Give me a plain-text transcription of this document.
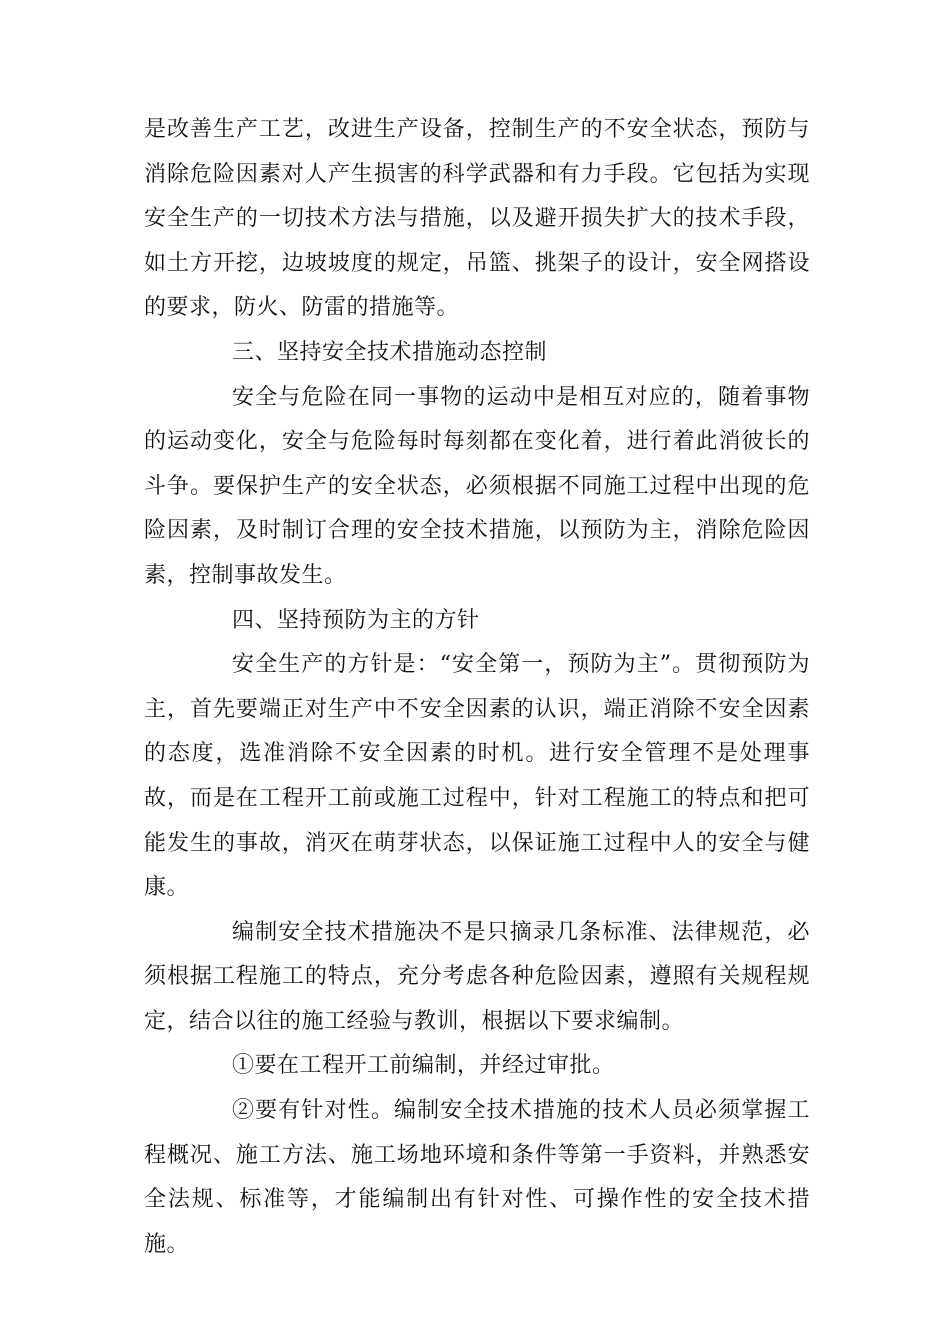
是改善生产工艺，改进生产设备，控制生产的不安全状态，预防与消除危险因素对人产生损害的科学武器和有力手段。它包括为实现安全生产的一切技术方法与措施，以及避开损失扩大的技术手段，如土方开挖，边坡坡度的规定，吊篮、挑架子的设计，安全网搭设的要求，防火、防雷的措施等。

三、坚持安全技术措施动态控制

安全与危险在同一事物的运动中是相互对应的，随着事物的运动变化，安全与危险每时每刻都在变化着，进行着此消彼长的斗争。要保护生产的安全状态，必须根据不同施工过程中出现的危险因素，及时制订合理的安全技术措施，以预防为主，消除危险因素，控制事故发生。

四、坚持预防为主的方针

安全生产的方针是：“安全第一，预防为主”。贯彻预防为主，首先要端正对生产中不安全因素的认识，端正消除不安全因素的态度，选准消除不安全因素的时机。进行安全管理不是处理事故，而是在工程开工前或施工过程中，针对工程施工的特点和把可能发生的事故，消灭在萌芽状态，以保证施工过程中人的安全与健康。

编制安全技术措施决不是只摘录几条标准、法律规范，必须根据工程施工的特点，充分考虑各种危险因素，遵照有关规程规定，结合以往的施工经验与教训，根据以下要求编制。

①要在工程开工前编制，并经过审批。

②要有针对性。编制安全技术措施的技术人员必须掌握工程概况、施工方法、施工场地环境和条件等第一手资料，并熟悉安全法规、标准等，才能编制出有针对性、可操作性的安全技术措施。
